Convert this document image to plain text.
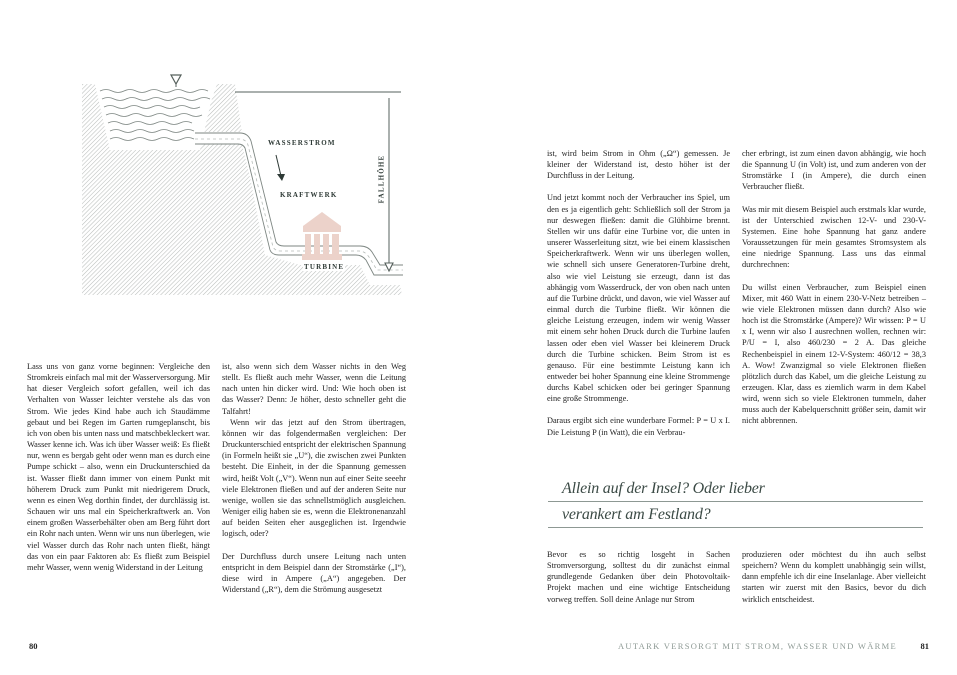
WASSERSTROM
KRAFTWERK
TURBINE
FALLHÖHE

Lass uns von ganz vorne beginnen: Vergleiche den Stromkreis einfach mal mit der Wasserversorgung. Mir hat dieser Vergleich sofort gefallen, weil ich das Verhalten von Wasser leichter verstehe als das von Strom. Wie jedes Kind habe auch ich Staudämme gebaut und bei Regen im Garten rumgeplanscht, bis ich von oben bis unten nass und matschbekleckert war. Wasser kenne ich. Was ich über Wasser weiß: Es fließt nur, wenn es bergab geht oder wenn man es durch eine Pumpe schickt – also, wenn ein Druckunterschied da ist. Wasser fließt dann immer von einem Punkt mit höherem Druck zum Punkt mit niedrigerem Druck, wenn es einen Weg dorthin findet, der durchlässig ist. Schauen wir uns mal ein Speicherkraftwerk an. Von einem großen Wasserbehälter oben am Berg führt dort ein Rohr nach unten. Wenn wir uns nun überlegen, wie viel Wasser durch das Rohr nach unten fließt, hängt das von ein paar Faktoren ab: Es fließt zum Beispiel mehr Wasser, wenn wenig Widerstand in der Leitung

ist, also wenn sich dem Wasser nichts in den Weg stellt. Es fließt auch mehr Wasser, wenn die Leitung nach unten hin dicker wird. Und: Wie hoch oben ist das Wasser? Denn: Je höher, desto schneller geht die Talfahrt!

Wenn wir das jetzt auf den Strom übertragen, können wir das folgendermaßen vergleichen: Der Druckunterschied entspricht der elektrischen Spannung (in Formeln heißt sie „U“), die zwischen zwei Punkten besteht. Die Einheit, in der die Spannung gemessen wird, heißt Volt („V“). Wenn nun auf einer Seite seeehr viele Elektronen fließen und auf der anderen Seite nur wenige, wollen sie das schnellstmöglich ausgleichen. Weniger eilig haben sie es, wenn die Elektronenanzahl auf beiden Seiten eher ausgeglichen ist. Irgendwie logisch, oder?

Der Durchfluss durch unsere Leitung nach unten entspricht in dem Beispiel dann der Stromstärke („I“), diese wird in Ampere („A“) angegeben. Der Widerstand („R“), dem die Strömung ausgesetzt

80

ist, wird beim Strom in Ohm („Ω“) gemessen. Je kleiner der Widerstand ist, desto höher ist der Durchfluss in der Leitung.

Und jetzt kommt noch der Verbraucher ins Spiel, um den es ja eigentlich geht: Schließlich soll der Strom ja nur deswegen fließen: damit die Glühbirne brennt. Stellen wir uns dafür eine Turbine vor, die unten in unserer Wasserleitung sitzt, wie bei einem klassischen Speicherkraftwerk. Wenn wir uns überlegen wollen, wie schnell sich unsere Generatoren-Turbine dreht, also wie viel Leistung sie erzeugt, dann ist das abhängig vom Wasserdruck, der von oben nach unten auf die Turbine drückt, und davon, wie viel Wasser auf einmal durch die Turbine fließt. Wir können die gleiche Leistung erzeugen, indem wir wenig Wasser mit einem sehr hohen Druck durch die Turbine laufen lassen oder eben viel Wasser bei kleinerem Druck durch die Turbine schicken. Beim Strom ist es genauso. Für eine bestimmte Leistung kann ich entweder bei hoher Spannung eine kleine Strommenge durchs Kabel schicken oder bei geringer Spannung eine große Strommenge.

Daraus ergibt sich eine wunderbare Formel: P = U x I. Die Leistung P (in Watt), die ein Verbrau-

cher erbringt, ist zum einen davon abhängig, wie hoch die Spannung U (in Volt) ist, und zum anderen von der Stromstärke I (in Ampere), die durch einen Verbraucher fließt.

Was mir mit diesem Beispiel auch erstmals klar wurde, ist der Unterschied zwischen 12-V- und 230-V-Systemen. Eine hohe Spannung hat ganz andere Voraussetzungen für mein gesamtes Stromsystem als eine niedrige Spannung. Lass uns das einmal durchrechnen:

Du willst einen Verbraucher, zum Beispiel einen Mixer, mit 460 Watt in einem 230-V-Netz betreiben – wie viele Elektronen müssen dann durch? Also wie hoch ist die Stromstärke (Ampere)? Wir wissen: P = U x I, wenn wir also I ausrechnen wollen, rechnen wir: P/U = I, also 460/230 = 2 A. Das gleiche Rechenbeispiel in einem 12-V-System: 460/12 = 38,3 A. Wow! Zwanzigmal so viele Elektronen fließen plötzlich durch das Kabel, um die gleiche Leistung zu erzeugen. Klar, dass es ziemlich warm in dem Kabel wird, wenn sich so viele Elektronen tummeln, daher muss auch der Kabelquerschnitt größer sein, damit wir nicht abbrennen.

Allein auf der Insel? Oder lieber
verankert am Festland?

Bevor es so richtig losgeht in Sachen Stromversorgung, solltest du dir zunächst einmal grundlegende Gedanken über dein Photovoltaik-Projekt machen und eine wichtige Entscheidung vorweg treffen. Soll deine Anlage nur Strom

produzieren oder möchtest du ihn auch selbst speichern? Wenn du komplett unabhängig sein willst, dann empfehle ich dir eine Inselanlage. Aber vielleicht starten wir zuerst mit den Basics, bevor du dich wirklich entscheidest.

AUTARK VERSORGT MIT STROM, WASSER UND WÄRME	81
